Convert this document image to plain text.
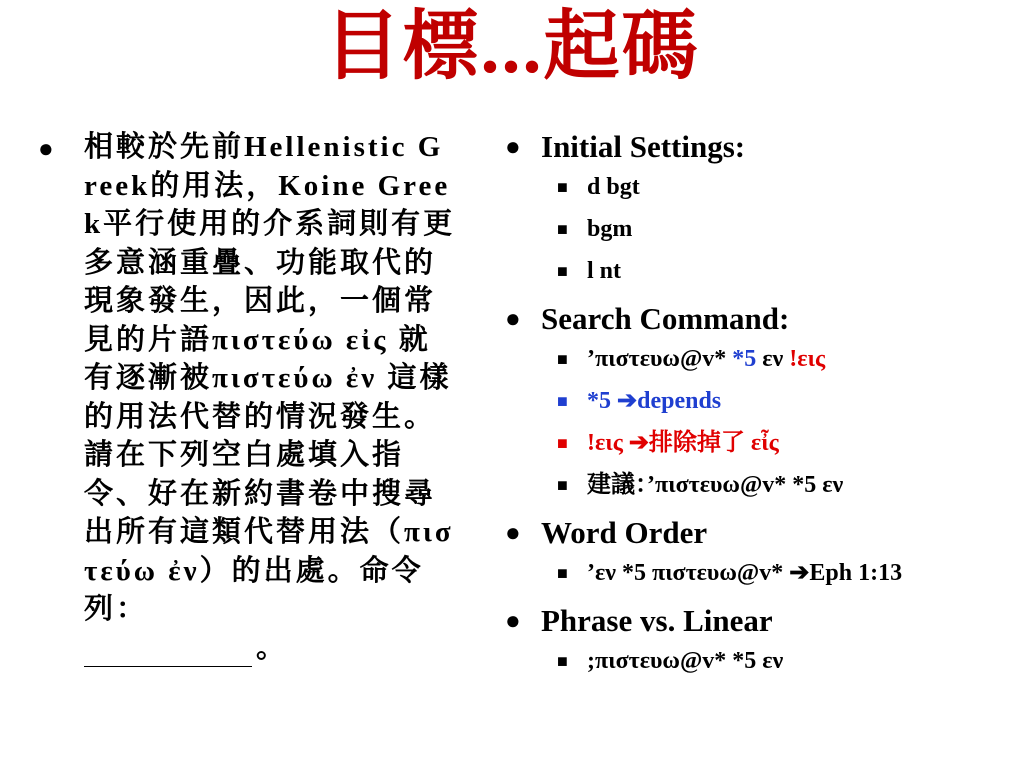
目標...起碼
● 相較於先前Hellenistic Greek的用法，Koine Greek平行使用的介系詞則有更多意涵重疊、功能取代的現象發生，因此，一個常見的片語πιστεύω εἰς 就有逐漸被πιστεύω ἐν 這樣的用法代替的情況發生。請在下列空白處填入指令、好在新約書卷中搜尋出所有這類代替用法（πιστεύω ἐν）的出處。命令列：
。
● Initial Settings:
■ d bgt
■ bgm
■ l nt
● Search Command:
■ ’πιστευω@v* *5 εν !εις
■ *5 ➔depends
■ !εις ➔排除掉了 εἶς
■ 建議：’πιστευω@v* *5 εν
● Word Order
■ ’εν *5 πιστευω@v* ➔Eph 1:13
● Phrase vs. Linear
■ ;πιστευω@v* *5 εν
